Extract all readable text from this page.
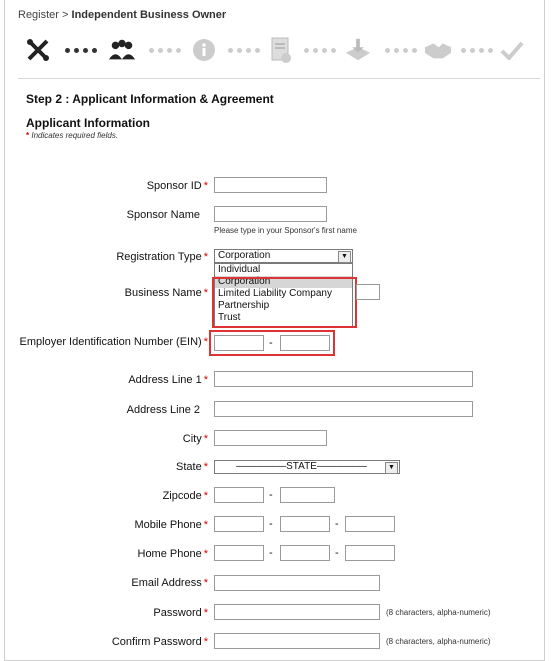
Register > Independent Business Owner
Step 2 : Applicant Information & Agreement
Applicant Information
* Indicates required fields.
Sponsor ID *
Sponsor Name
Please type in your Sponsor's first name
Registration Type *	Corporation	▼
Individual
Corporation
Limited Liability Company
Partnership
Trust
Business Name *
Employer Identification Number (EIN) *	-
Address Line 1 *
Address Line 2
City *
State *	—————STATE—————	▼
Zipcode *	-
Mobile Phone *	-	-
Home Phone *	-	-
Email Address *
Password *	(8 characters, alpha-numeric)
Confirm Password *	(8 characters, alpha-numeric)
